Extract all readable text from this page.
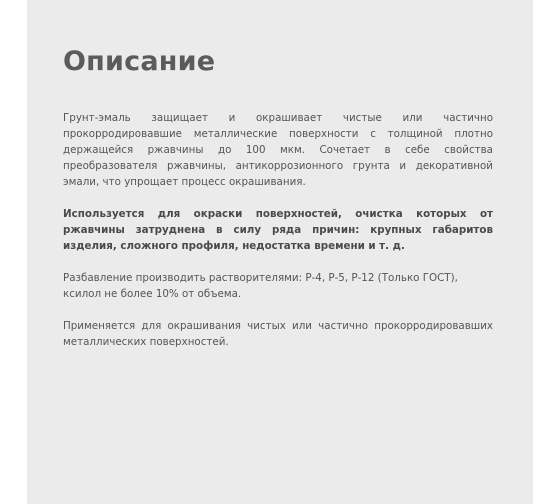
Описание

Грунт-эмаль защищает и окрашивает чистые или частично прокорродировавшие металлические поверхности с толщиной плотно держащейся ржавчины до 100 мкм. Сочетает в себе свойства преобразователя ржавчины, антикоррозионного грунта и декоративной эмали, что упрощает процесс окрашивания.

Используется для окраски поверхностей, очистка которых от ржавчины затруднена в силу ряда причин: крупных габаритов изделия, сложного профиля, недостатка времени и т. д.

Разбавление производить растворителями: Р-4, Р-5, Р-12 (Только ГОСТ), ксилол не более 10% от объема.

Применяется для окрашивания чистых или частично прокорродировавших металлических поверхностей.
